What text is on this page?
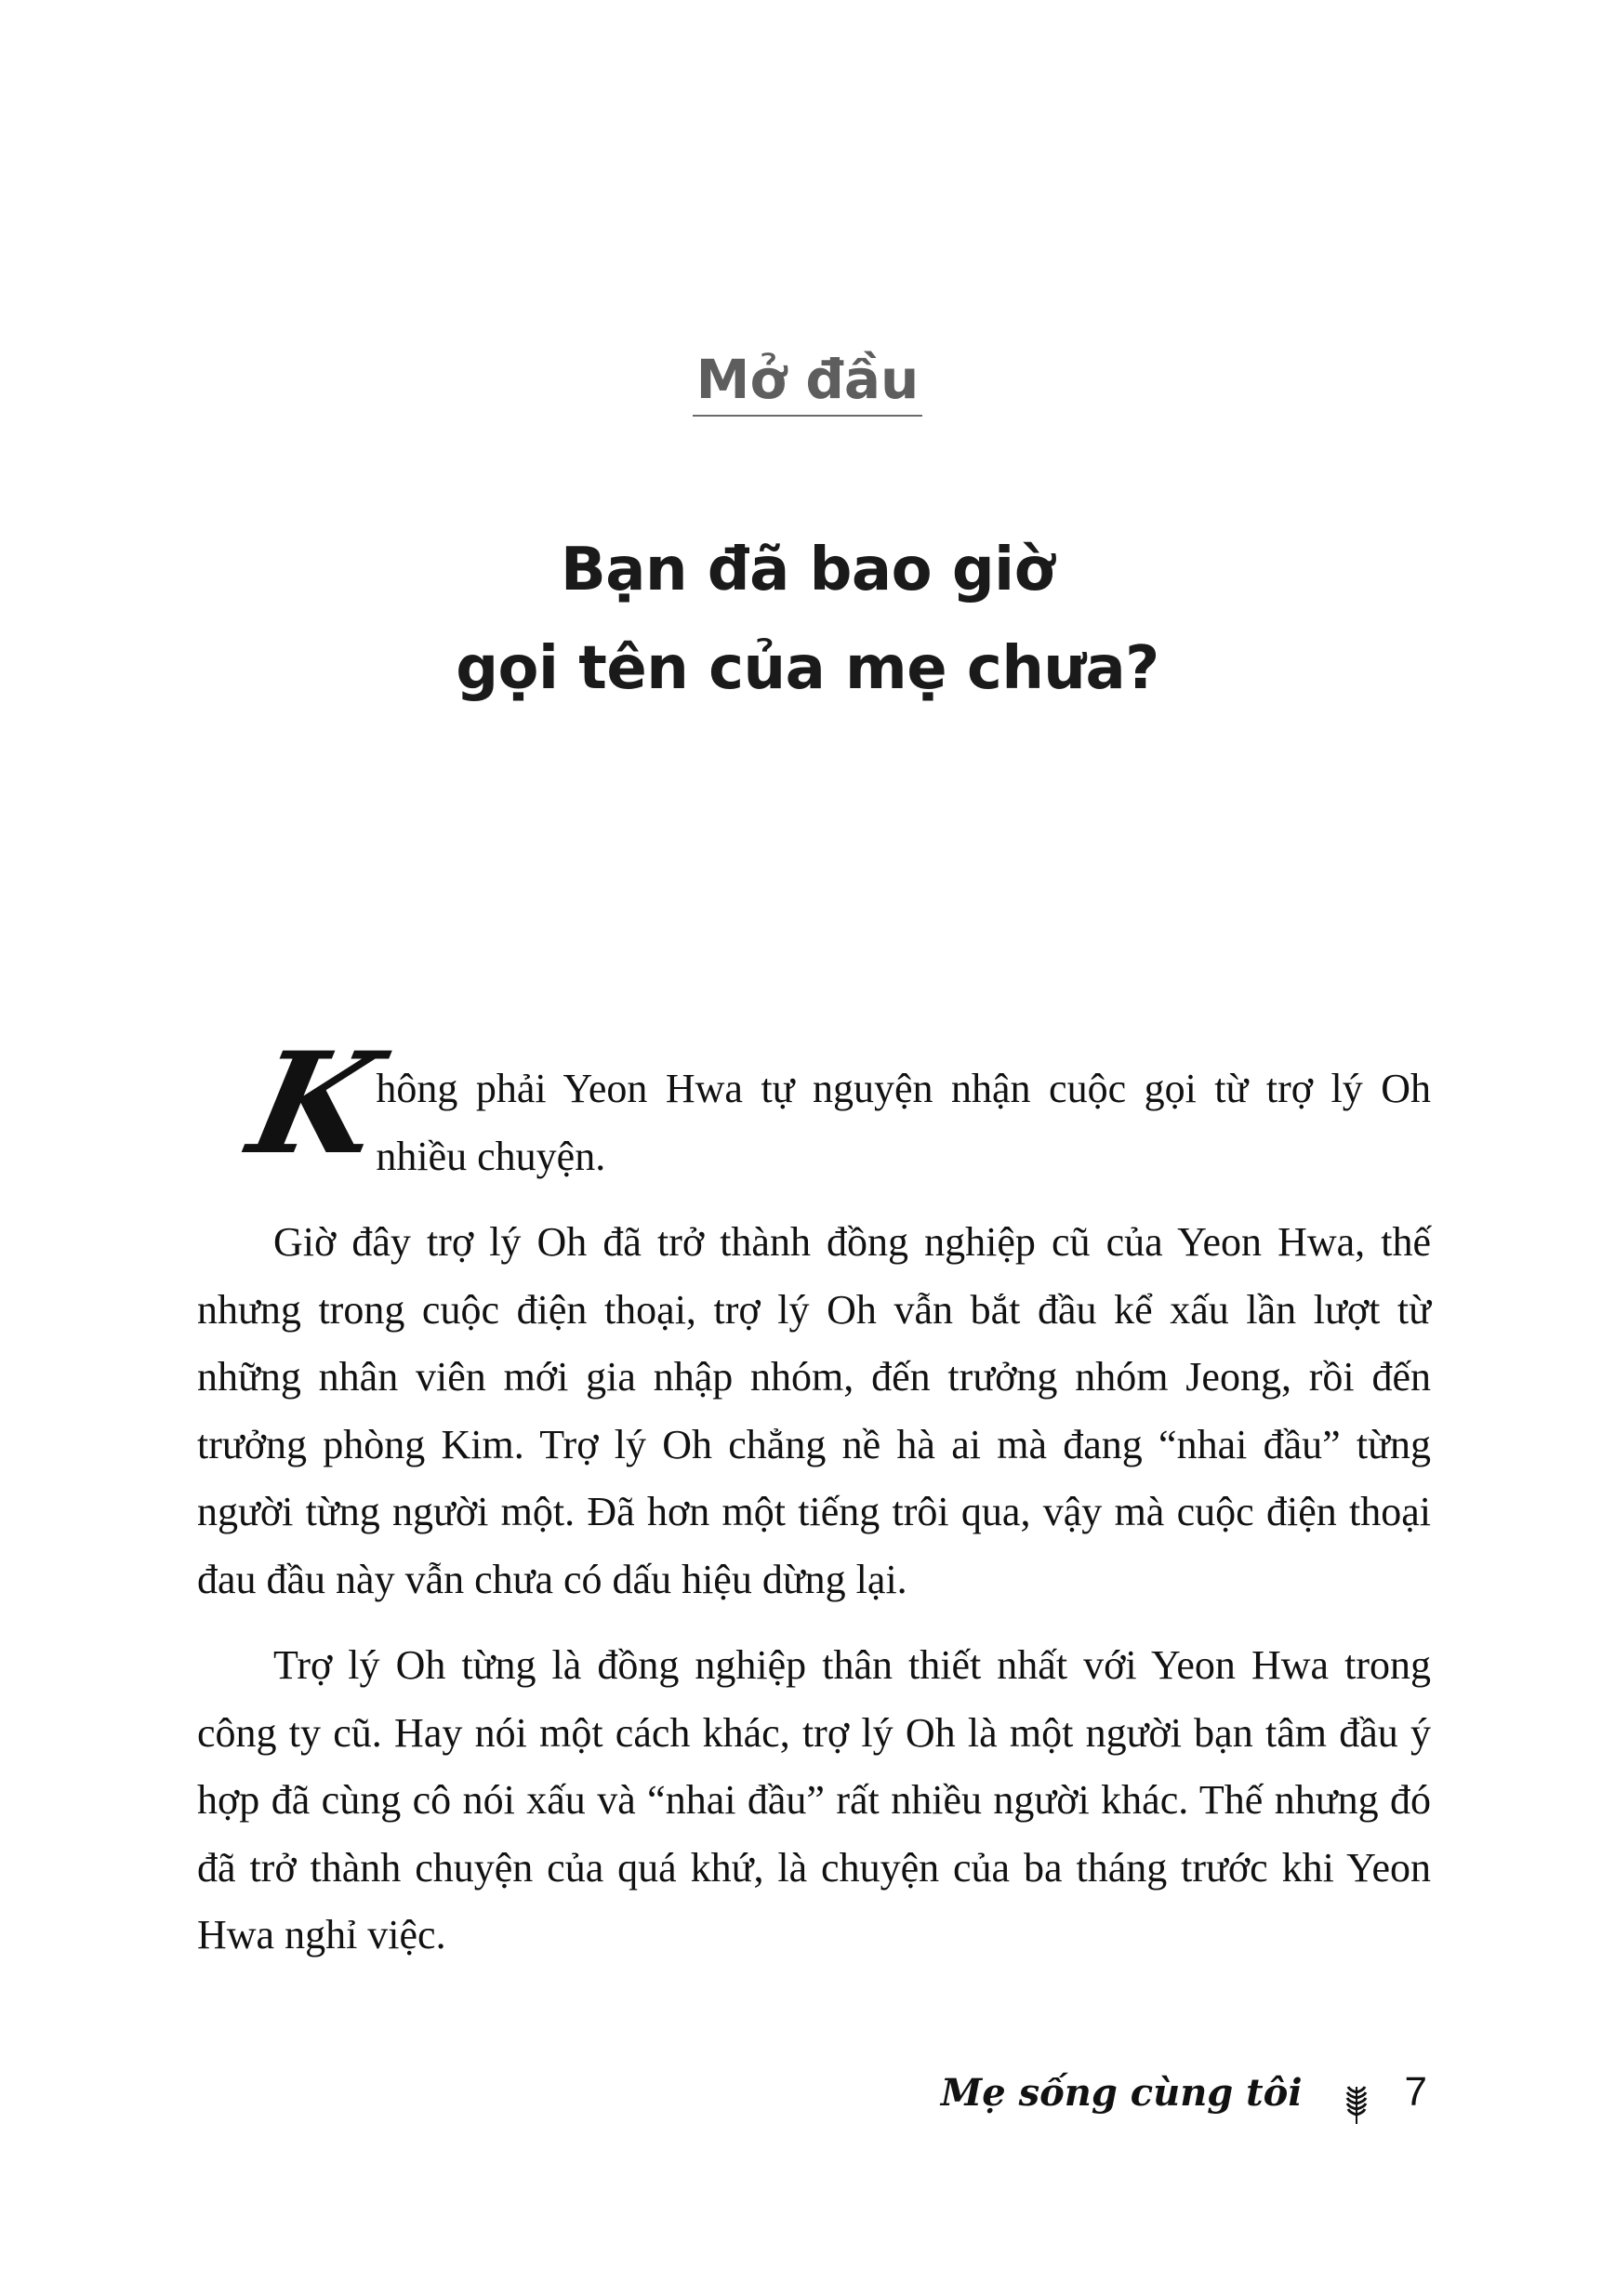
Mở đầu
Bạn đã bao giờ
gọi tên của mẹ chưa?

K
hông phải Yeon Hwa tự nguyện nhận cuộc gọi từ trợ lý Oh nhiều chuyện.

Giờ đây trợ lý Oh đã trở thành đồng nghiệp cũ của Yeon Hwa, thế nhưng trong cuộc điện thoại, trợ lý Oh vẫn bắt đầu kể xấu lần lượt từ những nhân viên mới gia nhập nhóm, đến trưởng nhóm Jeong, rồi đến trưởng phòng Kim. Trợ lý Oh chẳng nề hà ai mà đang “nhai đầu” từng người từng người một. Đã hơn một tiếng trôi qua, vậy mà cuộc điện thoại đau đầu này vẫn chưa có dấu hiệu dừng lại.

Trợ lý Oh từng là đồng nghiệp thân thiết nhất với Yeon Hwa trong công ty cũ. Hay nói một cách khác, trợ lý Oh là một người bạn tâm đầu ý hợp đã cùng cô nói xấu và “nhai đầu” rất nhiều người khác. Thế nhưng đó đã trở thành chuyện của quá khứ, là chuyện của ba tháng trước khi Yeon Hwa nghỉ việc.

Mẹ sống cùng tôi	7
